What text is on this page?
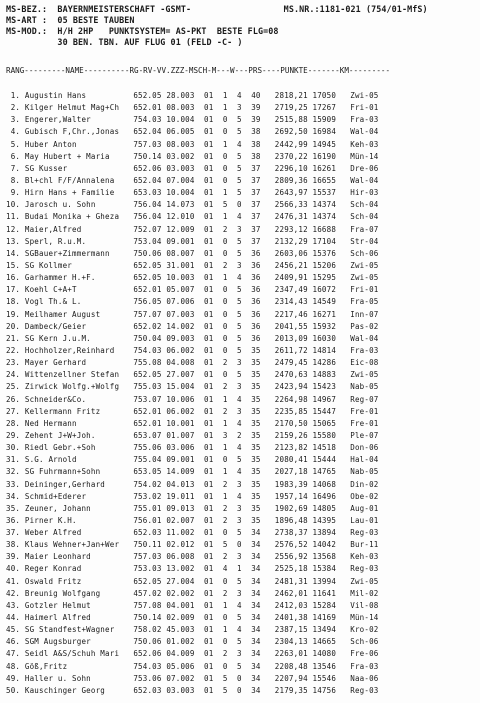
MS-BEZ.:  BAYERNMEISTERSCHAFT -GSMT-                  MS.NR.:1181-021 (754/01-MfS)
MS-ART :  05 BESTE TAUBEN
MS-MOD.:  H/H 2HP   PUNKTSYSTEM= AS-PKT  BESTE FLG=08
30 BEN. TBN. AUF FLUG 01 (FELD -C- )
RANG---------NAME----------RG-RV-VV.ZZZ-MSCH-M---W---PRS----PUNKTE-------KM---------
1. Augustin Hans          652.05 28.003  01  1  4  40   2818,21 17050   Zwi-05
2. Kilger Helmut Mag+Ch   652.01 08.003  01  1  3  39   2719,25 17267   Fri-01
3. Engerer,Walter         754.03 10.004  01  0  5  39   2515,88 15909   Fra-03
4. Gubisch F,Chr.,Jonas   652.04 06.005  01  0  5  38   2692,50 16984   Wal-04
5. Huber Anton            757.03 08.003  01  1  4  38   2442,99 14945   Keh-03
6. May Hubert + Maria     750.14 03.002  01  0  5  38   2370,22 16190   Mün-14
7. SG Kusser              652.06 03.003  01  0  5  37   2296,10 16261   Dre-06
8. Bl+chl F/F/Annalena    652.04 07.004  01  0  5  37   2809,36 16655   Wal-04
9. Hirn Hans + Familie    653.03 10.004  01  1  5  37   2643,97 15537   Hir-03
10. Jarosch u. Sohn        756.04 14.073  01  5  0  37   2566,33 14374   Sch-04
11. Budai Monika + Gheza   756.04 12.010  01  1  4  37   2476,31 14374   Sch-04
12. Maier,Alfred           752.07 12.009  01  2  3  37   2293,12 16688   Fra-07
13. Sperl, R.u.M.          753.04 09.001  01  0  5  37   2132,29 17104   Str-04
14. SGBauer+Zimmermann     750.06 08.007  01  0  5  36   2603,06 15376   Sch-06
15. SG Kollmer             652.05 31.001  01  2  3  36   2456,21 15206   Zwi-05
16. Garhammer H.+F.        652.05 10.003  01  1  4  36   2409,91 15295   Zwi-05
17. Koehl C+A+T            652.01 05.007  01  0  5  36   2347,49 16072   Fri-01
18. Vogl Th.& L.           756.05 07.006  01  0  5  36   2314,43 14549   Fra-05
19. Meilhamer August       757.07 07.003  01  0  5  36   2217,46 16271   Inn-07
20. Dambeck/Geier          652.02 14.002  01  0  5  36   2041,55 15932   Pas-02
21. SG Kern J.u.M.         750.04 09.003  01  0  5  36   2013,09 16030   Wal-04
22. Hochholzer,Reinhard    754.03 06.002  01  0  5  35   2611,72 14814   Fra-03
23. Mayer Gerhard          755.08 04.008  01  2  3  35   2479,45 14286   Eic-08
24. Wittenzellner Stefan   652.05 27.007  01  0  5  35   2470,63 14883   Zwi-05
25. Zirwick Wolfg.+Wolfg   755.03 15.004  01  2  3  35   2423,94 15423   Nab-05
26. Schneider&Co.          753.07 10.006  01  1  4  35   2264,98 14967   Reg-07
27. Kellermann Fritz       652.01 06.002  01  2  3  35   2235,85 15447   Fre-01
28. Ned Hermann            652.01 10.001  01  1  4  35   2170,50 15065   Fre-01
29. Zehent J+W+Joh.        653.07 01.007  01  3  2  35   2159,26 15580   Ple-07
30. Riedl Gebr.+Soh        755.06 03.006  01  1  4  35   2123,82 14518   Don-06
31. S.G. Arnold            755.04 09.001  01  0  5  35   2080,41 15444   Hal-04
32. SG Fuhrmann+Sohn       653.05 14.009  01  1  4  35   2027,18 14765   Nab-05
33. Deininger,Gerhard      754.02 04.013  01  2  3  35   1983,39 14068   Din-02
34. Schmid+Ederer          753.02 19.011  01  1  4  35   1957,14 16496   Obe-02
35. Zeuner, Johann         755.01 09.013  01  2  3  35   1902,69 14805   Aug-01
36. Pirner K.H.            756.01 02.007  01  2  3  35   1896,48 14395   Lau-01
37. Weber Alfred           652.03 11.002  01  0  5  34   2738,37 13894   Reg-03
38. Klaus Wehner+Jan+Wer   750.11 02.012  01  5  0  34   2576,52 14042   Bur-11
39. Maier Leonhard         757.03 06.008  01  2  3  34   2556,92 13568   Keh-03
40. Reger Konrad           753.03 13.002  01  4  1  34   2525,18 15384   Reg-03
41. Oswald Fritz           652.05 27.004  01  0  5  34   2481,31 13994   Zwi-05
42. Breunig Wolfgang       457.02 02.002  01  2  3  34   2462,01 11641   Mil-02
43. Gotzler Helmut         757.08 04.001  01  1  4  34   2412,03 15284   Vil-08
44. Haimerl Alfred         750.14 02.009  01  0  5  34   2401,38 14169   Mün-14
45. SG Standfest+Wagner    758.02 45.003  01  1  4  34   2387,15 13494   Kro-02
46. SGM Augsburger         750.06 01.002  01  0  5  34   2304,13 14665   Sch-06
47. Seidl A&S/Schuh Mari   652.06 04.009  01  2  3  34   2263,01 14080   Fre-06
48. Göß,Fritz              754.03 05.006  01  0  5  34   2208,48 13546   Fra-03
49. Haller u. Sohn         753.06 07.002  01  5  0  34   2207,94 15546   Naa-06
50. Kauschinger Georg      652.03 03.003  01  5  0  34   2179,35 14756   Reg-03
